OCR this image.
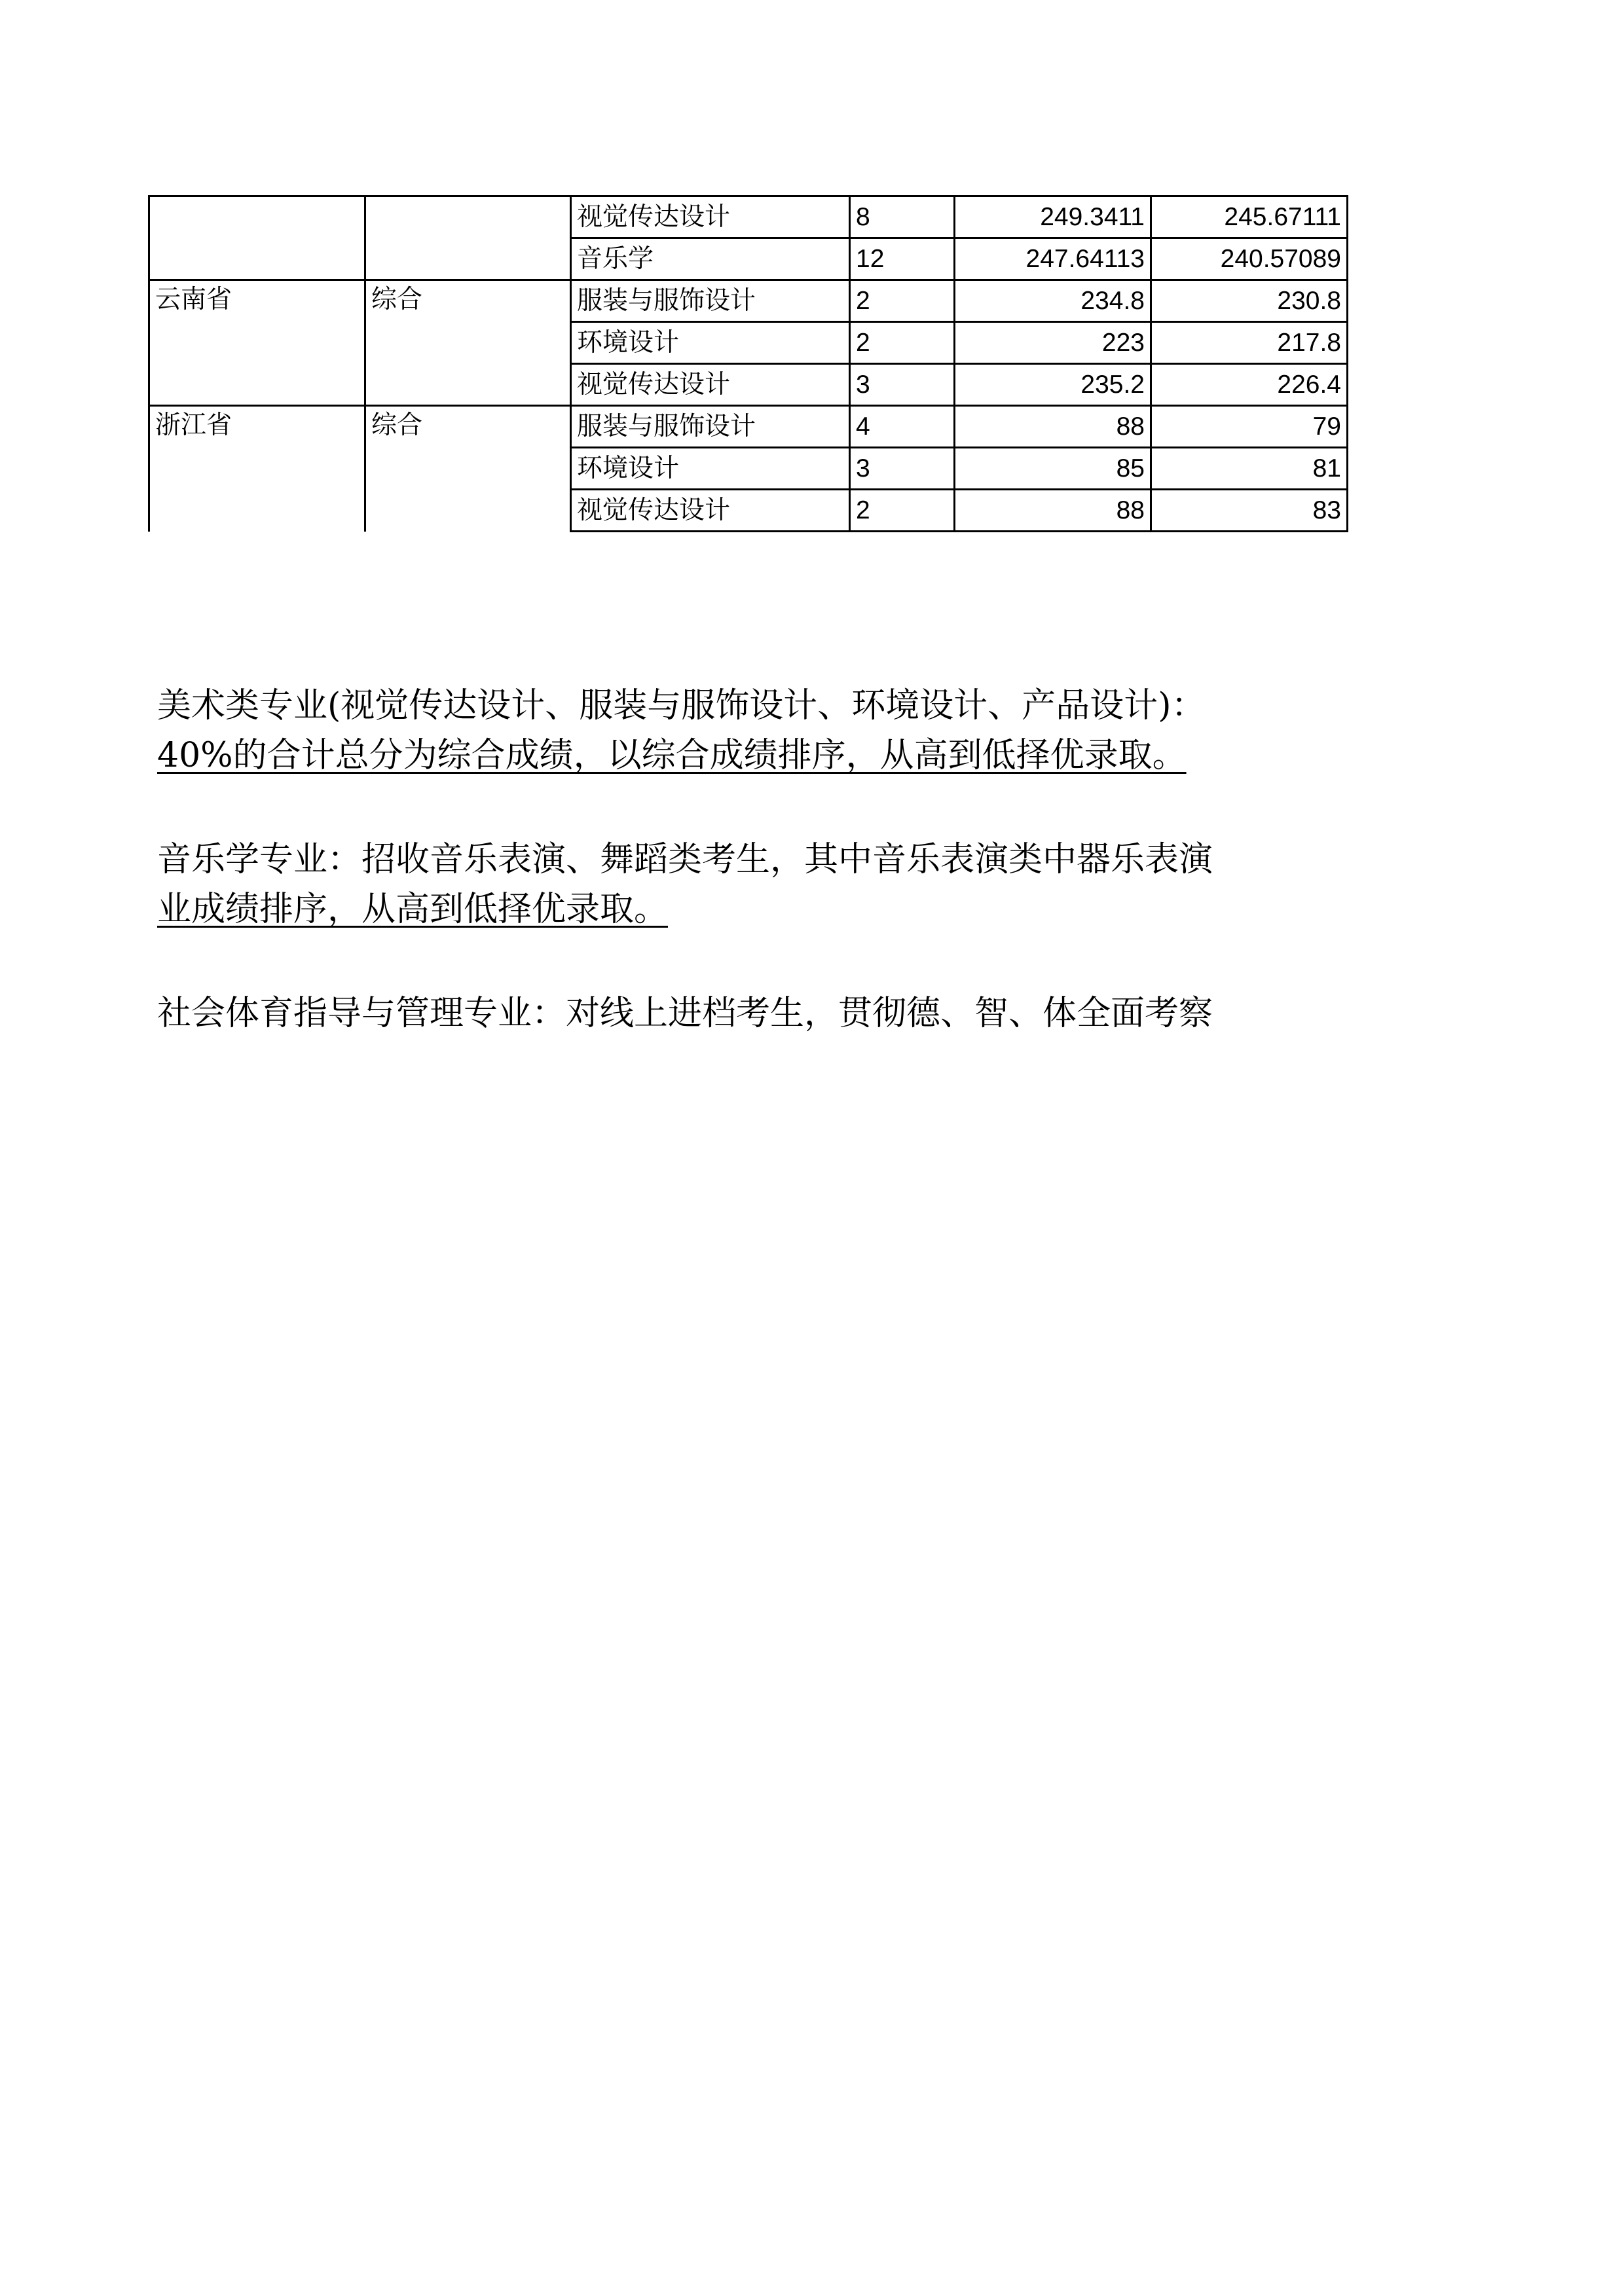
		视觉传达设计	8	249.3411	245.67111
		音乐学	12	247.64113	240.57089
云南省	综合	服装与服饰设计	2	234.8	230.8
		环境设计	2	223	217.8
		视觉传达设计	3	235.2	226.4
浙江省	综合	服装与服饰设计	4	88	79
		环境设计	3	85	81
		视觉传达设计	2	88	83
美术类专业(视觉传达设计、服装与服饰设计、环境设计、产品设计)：
40%的合计总分为综合成绩，以综合成绩排序，从高到低择优录取。
音乐学专业：招收音乐表演、舞蹈类考生，其中音乐表演类中器乐表演
业成绩排序，从高到低择优录取。
社会体育指导与管理专业：对线上进档考生，贯彻德、智、体全面考察
